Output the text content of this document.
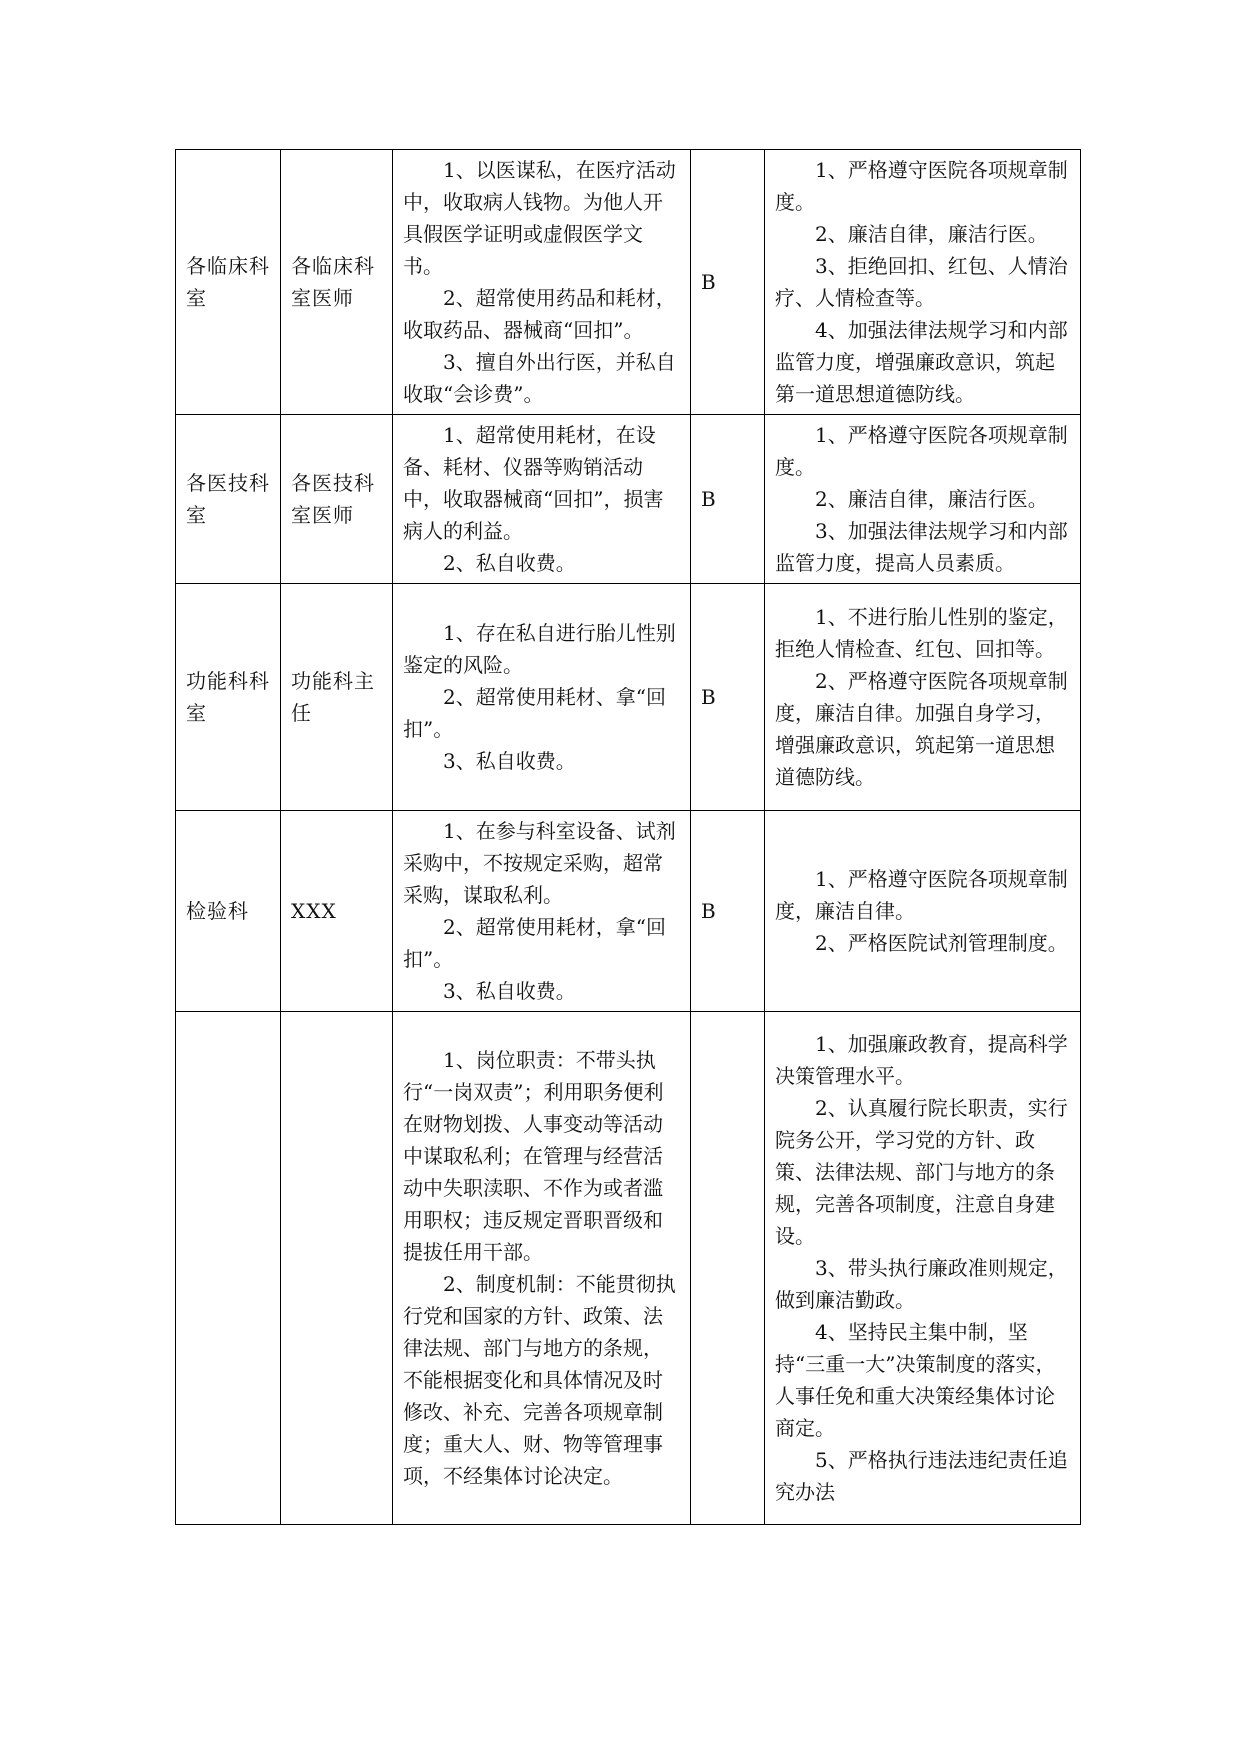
各临床科室	各临床科室医师	1、以医谋私，在医疗活动中，收取病人钱物。为他人开具假医学证明或虚假医学文书。
2、超常使用药品和耗材，收取药品、器械商“回扣”。
3、擅自外出行医，并私自收取“会诊费”。	B	1、严格遵守医院各项规章制度。
2、廉洁自律，廉洁行医。
3、拒绝回扣、红包、人情治疗、人情检查等。
4、加强法律法规学习和内部监管力度，增强廉政意识，筑起第一道思想道德防线。

各医技科室	各医技科室医师	1、超常使用耗材，在设备、耗材、仪器等购销活动中，收取器械商“回扣”，损害病人的利益。
2、私自收费。	B	1、严格遵守医院各项规章制度。
2、廉洁自律，廉洁行医。
3、加强法律法规学习和内部监管力度，提高人员素质。

功能科科室	功能科主任	1、存在私自进行胎儿性别鉴定的风险。
2、超常使用耗材、拿“回扣”。
3、私自收费。	B	1、不进行胎儿性别的鉴定，拒绝人情检查、红包、回扣等。
2、严格遵守医院各项规章制度，廉洁自律。加强自身学习，增强廉政意识，筑起第一道思想道德防线。

检验科	XXX	1、在参与科室设备、试剂采购中，不按规定采购，超常采购，谋取私利。
2、超常使用耗材，拿“回扣”。
3、私自收费。	B	1、严格遵守医院各项规章制度，廉洁自律。
2、严格医院试剂管理制度。

		1、岗位职责：不带头执行“一岗双责”；利用职务便利在财物划拨、人事变动等活动中谋取私利；在管理与经营活动中失职渎职、不作为或者滥用职权；违反规定晋职晋级和提拔任用干部。
2、制度机制：不能贯彻执行党和国家的方针、政策、法律法规、部门与地方的条规，不能根据变化和具体情况及时修改、补充、完善各项规章制度；重大人、财、物等管理事项，不经集体讨论决定。		1、加强廉政教育，提高科学决策管理水平。
2、认真履行院长职责，实行院务公开，学习党的方针、政策、法律法规、部门与地方的条规，完善各项制度，注意自身建设。
3、带头执行廉政准则规定，做到廉洁勤政。
4、坚持民主集中制，坚持“三重一大”决策制度的落实，人事任免和重大决策经集体讨论商定。
5、严格执行违法违纪责任追究办法
